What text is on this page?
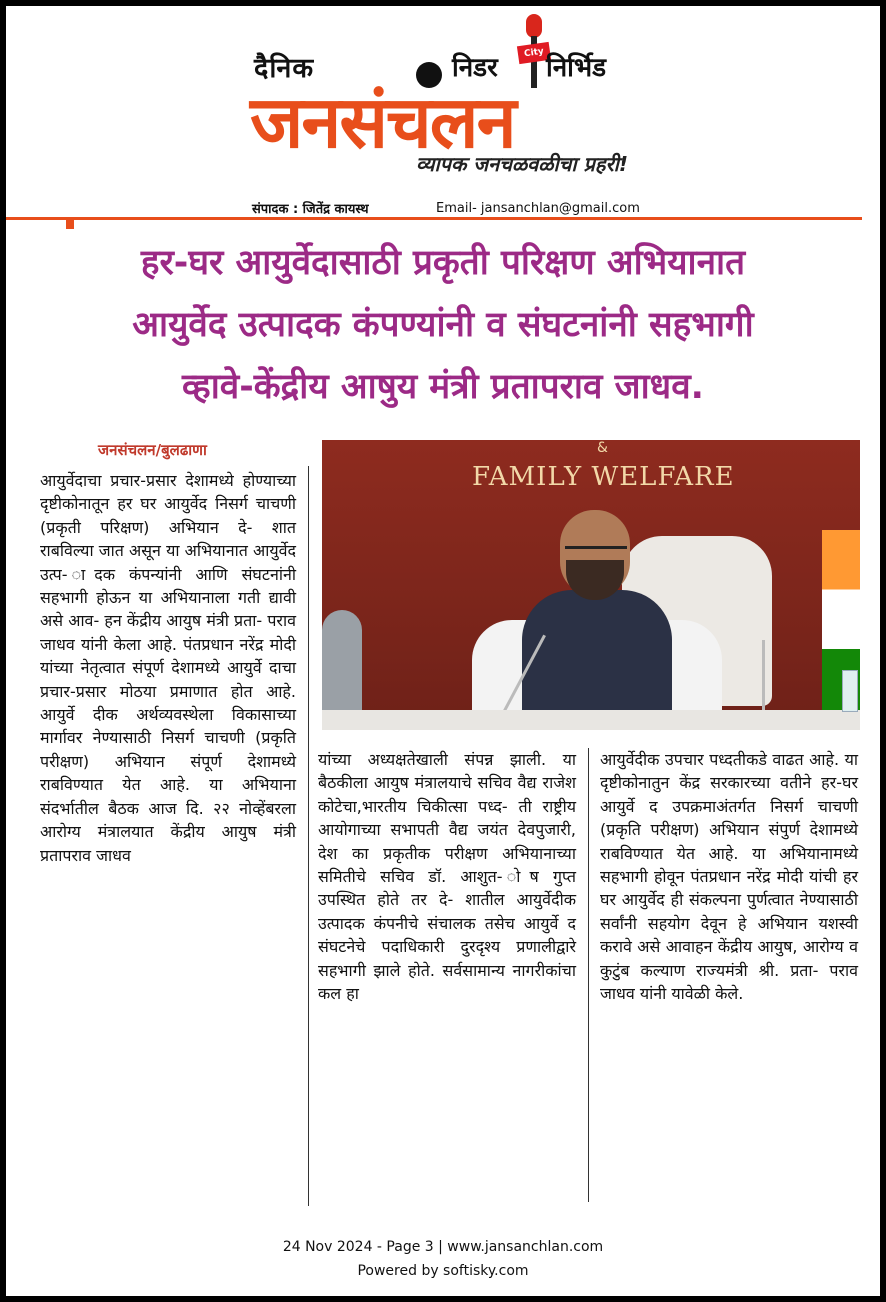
दैनिक	निडर	City निर्भिड
जनसंचलन
व्यापक जनचळवळीचा प्रहरी!
संपादक : जितेंद्र कायस्थ	Email- jansanchlan@gmail.com
हर-घर आयुर्वेदासाठी प्रकृती परिक्षण अभियानात
आयुर्वेद उत्पादक कंपण्यांनी व संघटनांनी सहभागी
व्हावे-केंद्रीय आषुय मंत्री प्रतापराव जाधव.
जनसंचलन/बुलढाणा	&
FAMILY WELFARE
आयुर्वेदाचा प्रचार-प्रसार देशामध्ये होण्याच्या दृष्टीकोनातून हर घर आयुर्वेद निसर्ग चाचणी (प्रकृती परिक्षण) अभियान दे- शात राबविल्या जात असून या अभियानात आयुर्वेद उत्प- ादक कंपन्यांनी आणि संघटनांनी सहभागी होऊन या अभियानाला गती द्यावी असे आव- हन केंद्रीय आयुष मंत्री प्रता- पराव जाधव यांनी केला आहे. पंतप्रधान नरेंद्र मोदी यांच्या नेतृत्वात संपूर्ण देशामध्ये आयुर्वे दाचा प्रचार-प्रसार मोठया प्रमाणात होत आहे. आयुर्वे दीक अर्थव्यवस्थेला विकासाच्या मार्गावर नेण्यासाठी निसर्ग चाचणी (प्रकृति परीक्षण) अभियान संपूर्ण देशामध्ये राबविण्यात येत आहे. या अभियाना संदर्भातील बैठक आज दि. २२ नोव्हेंबरला आरोग्य मंत्रालयात केंद्रीय आयुष मंत्री प्रतापराव जाधव
यांच्या अध्यक्षतेखाली संपन्न झाली. या बैठकीला आयुष मंत्रालयाचे सचिव वैद्य राजेश कोटेचा,भारतीय चिकीत्सा पध्द- ती राष्ट्रीय आयोगाच्या सभापती वैद्य जयंत देवपुजारी, देश का प्रकृतीक परीक्षण अभियानाच्या समितीचे सचिव डॉ. आशुत- ोष गुप्त उपस्थित होते तर दे- शातील आयुर्वेदीक उत्पादक कंपनीचे संचालक तसेच आयुर्वे द संघटनेचे पदाधिकारी दुरदृश्य प्रणालीद्वारे सहभागी झाले होते. सर्वसामान्य नागरीकांचा कल हा
आयुर्वेदीक उपचार पध्दतीकडे वाढत आहे. या दृष्टीकोनातुन केंद्र सरकारच्या वतीने हर-घर आयुर्वे द उपक्रमाअंतर्गत निसर्ग चाचणी (प्रकृति परीक्षण) अभियान संपुर्ण देशामध्ये राबविण्यात येत आहे. या अभियानामध्ये सहभागी होवून पंतप्रधान नरेंद्र मोदी यांची हर घर आयुर्वेद ही संकल्पना पुर्णत्वात नेण्यासाठी सर्वांनी सहयोग देवून हे अभियान यशस्वी करावे असे आवाहन केंद्रीय आयुष, आरोग्य व कुटुंब कल्याण राज्यमंत्री श्री. प्रता- पराव जाधव यांनी यावेळी केले.
24 Nov 2024 - Page 3 | www.jansanchlan.com
Powered by softisky.com
